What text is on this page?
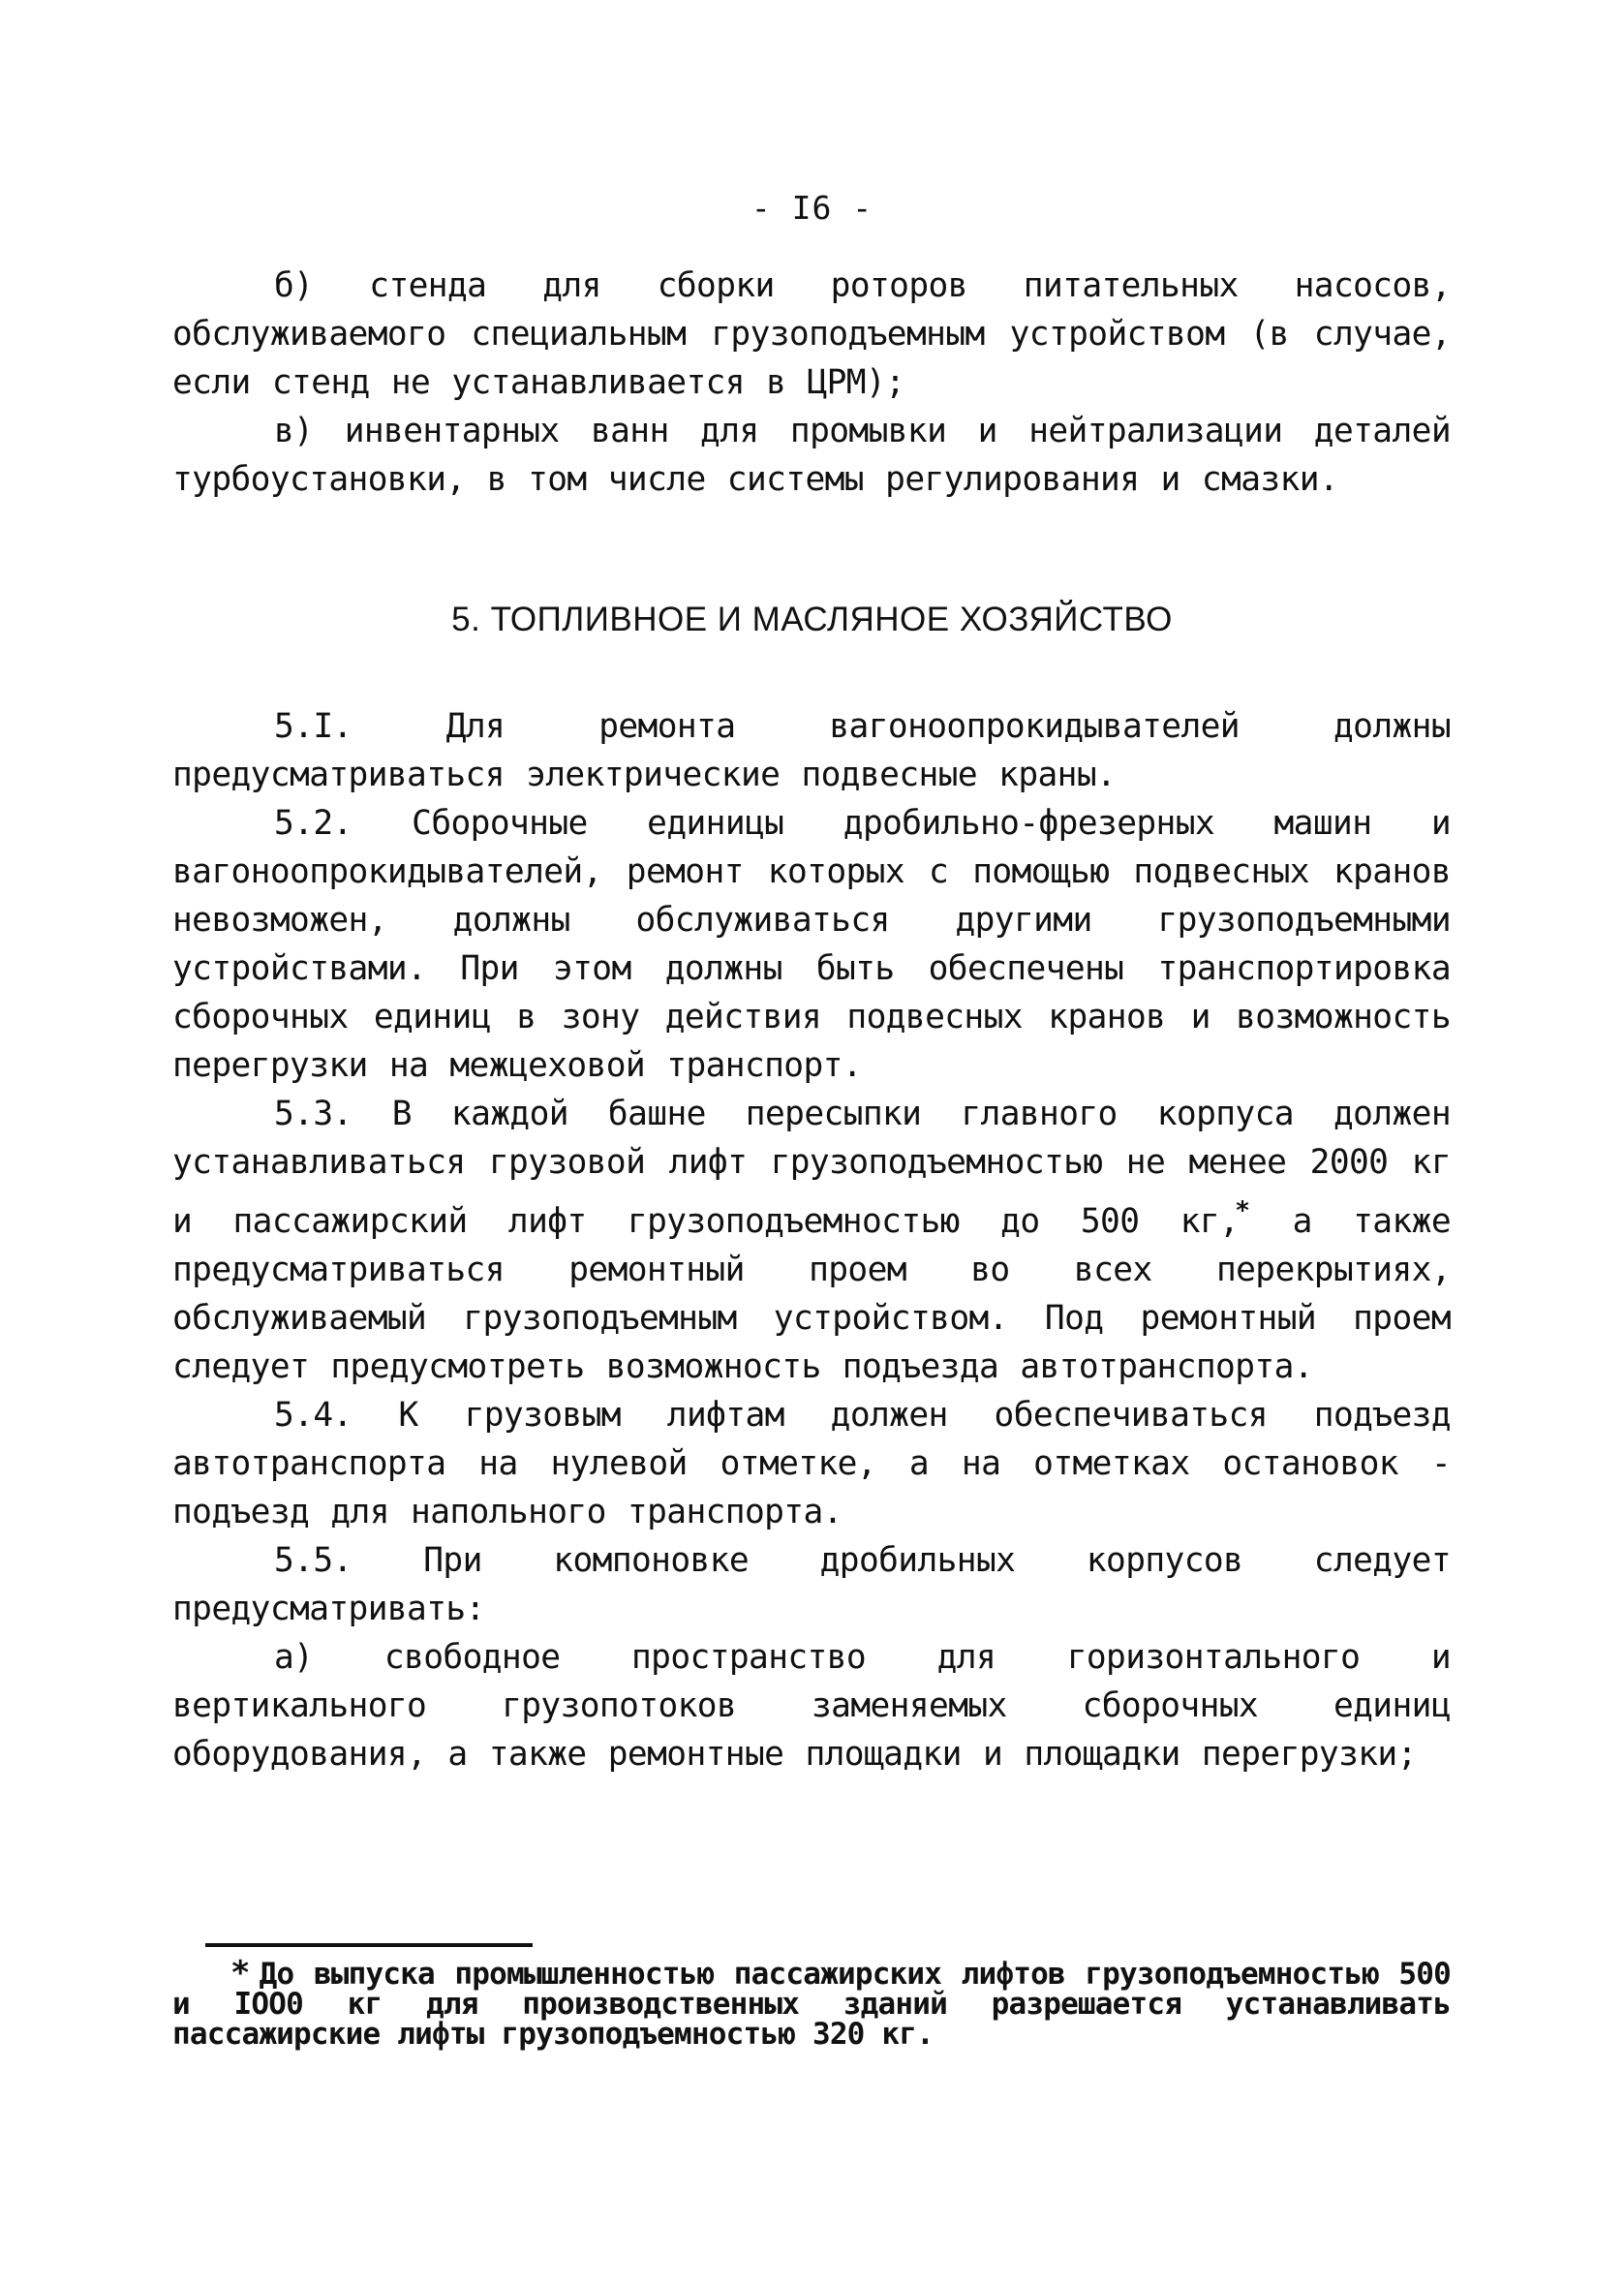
- I6 -

б) стенда для сборки роторов питательных насосов, обслуживаемого специальным грузоподъемным устройством (в случае, если стенд не устанавливается в ЦРМ);

в) инвентарных ванн для промывки и нейтрализации деталей турбоустановки, в том числе системы регулирования и смазки.

5. ТОПЛИВНОЕ И МАСЛЯНОЕ ХОЗЯЙСТВО

5.I. Для ремонта вагоноопрокидывателей должны предусматриваться электрические подвесные краны.

5.2. Сборочные единицы дробильно-фрезерных машин и вагоноопрокидывателей, ремонт которых с помощью подвесных кранов невозможен, должны обслуживаться другими грузоподъемными устройствами. При этом должны быть обеспечены транспортировка сборочных единиц в зону действия подвесных кранов и возможность перегрузки на межцеховой транспорт.

5.3. В каждой башне пересыпки главного корпуса должен устанавливаться грузовой лифт грузоподъемностью не менее 2000 кг и пассажирский лифт грузоподъемностью до 500 кг,* а также предусматриваться ремонтный проем во всех перекрытиях, обслуживаемый грузоподъемным устройством. Под ремонтный проем следует предусмотреть возможность подъезда автотранспорта.

5.4. К грузовым лифтам должен обеспечиваться подъезд автотранспорта на нулевой отметке, а на отметках остановок - подъезд для напольного транспорта.

5.5. При компоновке дробильных корпусов следует предусматривать:

а) свободное пространство для горизонтального и вертикального грузопотоков заменяемых сборочных единиц оборудования, а также ремонтные площадки и площадки перегрузки;

* До выпуска промышленностью пассажирских лифтов грузоподъемностью 500 и IОО0 кг для производственных зданий разрешается устанавливать пассажирские лифты грузоподъемностью 320 кг.
